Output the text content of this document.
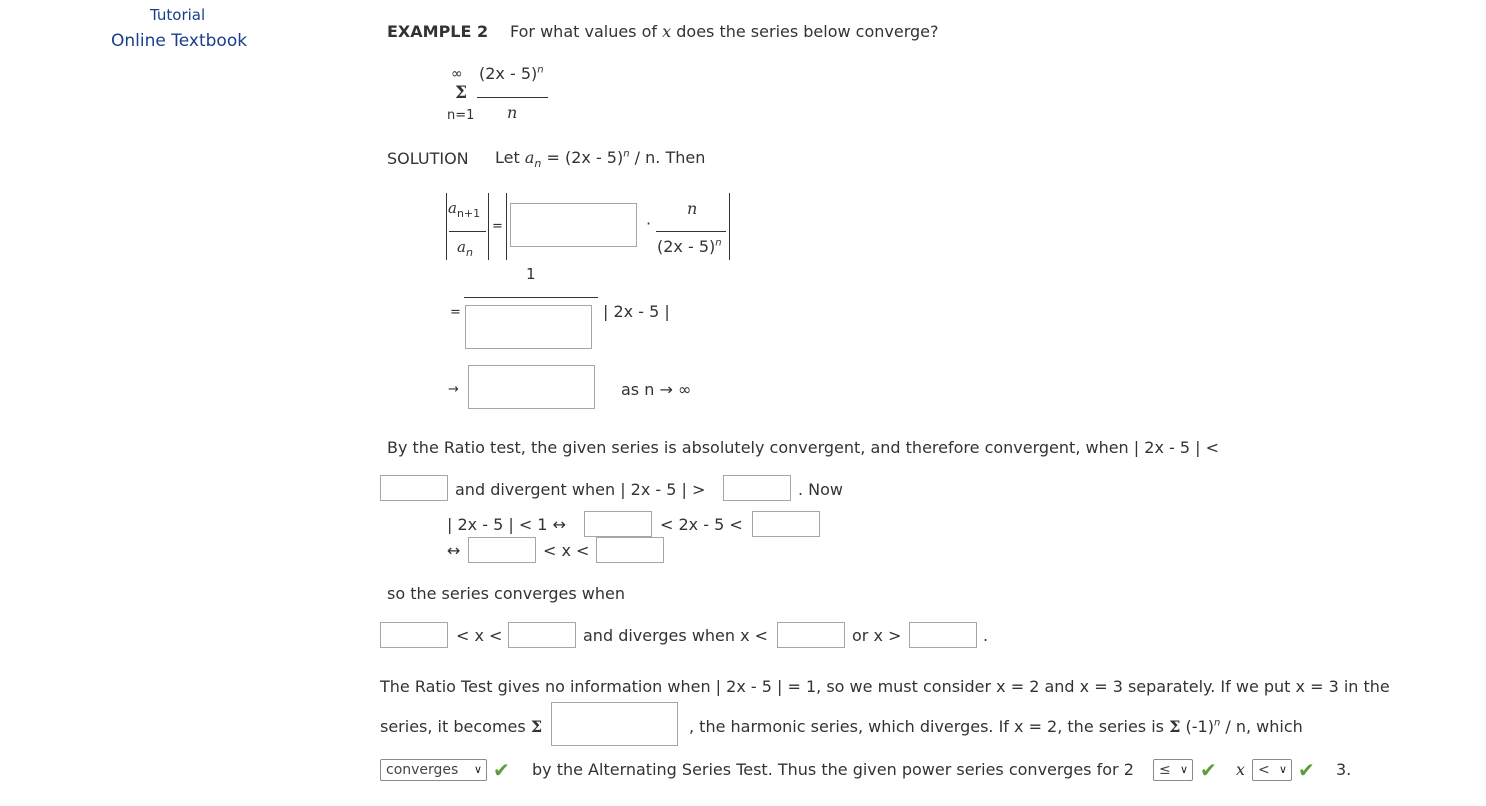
Tutorial
Online Textbook	EXAMPLE 2 For what values of x does the series below converge?
∞
Σ
n=1
(2x - 5)$^n$
n
SOLUTION Let $a_n = (2x - 5)^n / n$. Then
$a_{n+1}$
$a_n$
=	·
n
(2x - 5)$^n$
1
=	| 2x - 5 |
→	as n → ∞
By the Ratio test, the given series is absolutely convergent, and therefore convergent, when | 2x - 5 | <
and divergent when | 2x - 5 | >	. Now
| 2x - 5 | < 1 ↔	< 2x - 5 <
↔	< x <
so the series converges when
< x <	and diverges when x <	or x >	.
The Ratio Test gives no information when | 2x - 5 | = 1, so we must consider x = 2 and x = 3 separately. If we put x = 3 in the
series, it becomes Σ	, the harmonic series, which diverges. If x = 2, the series is Σ $(-1)^n$ / n, which
converges ∨ ✔ by the Alternating Series Test. Thus the given power series converges for 2	≤ ∨ ✔ x < ∨ ✔ 3.
